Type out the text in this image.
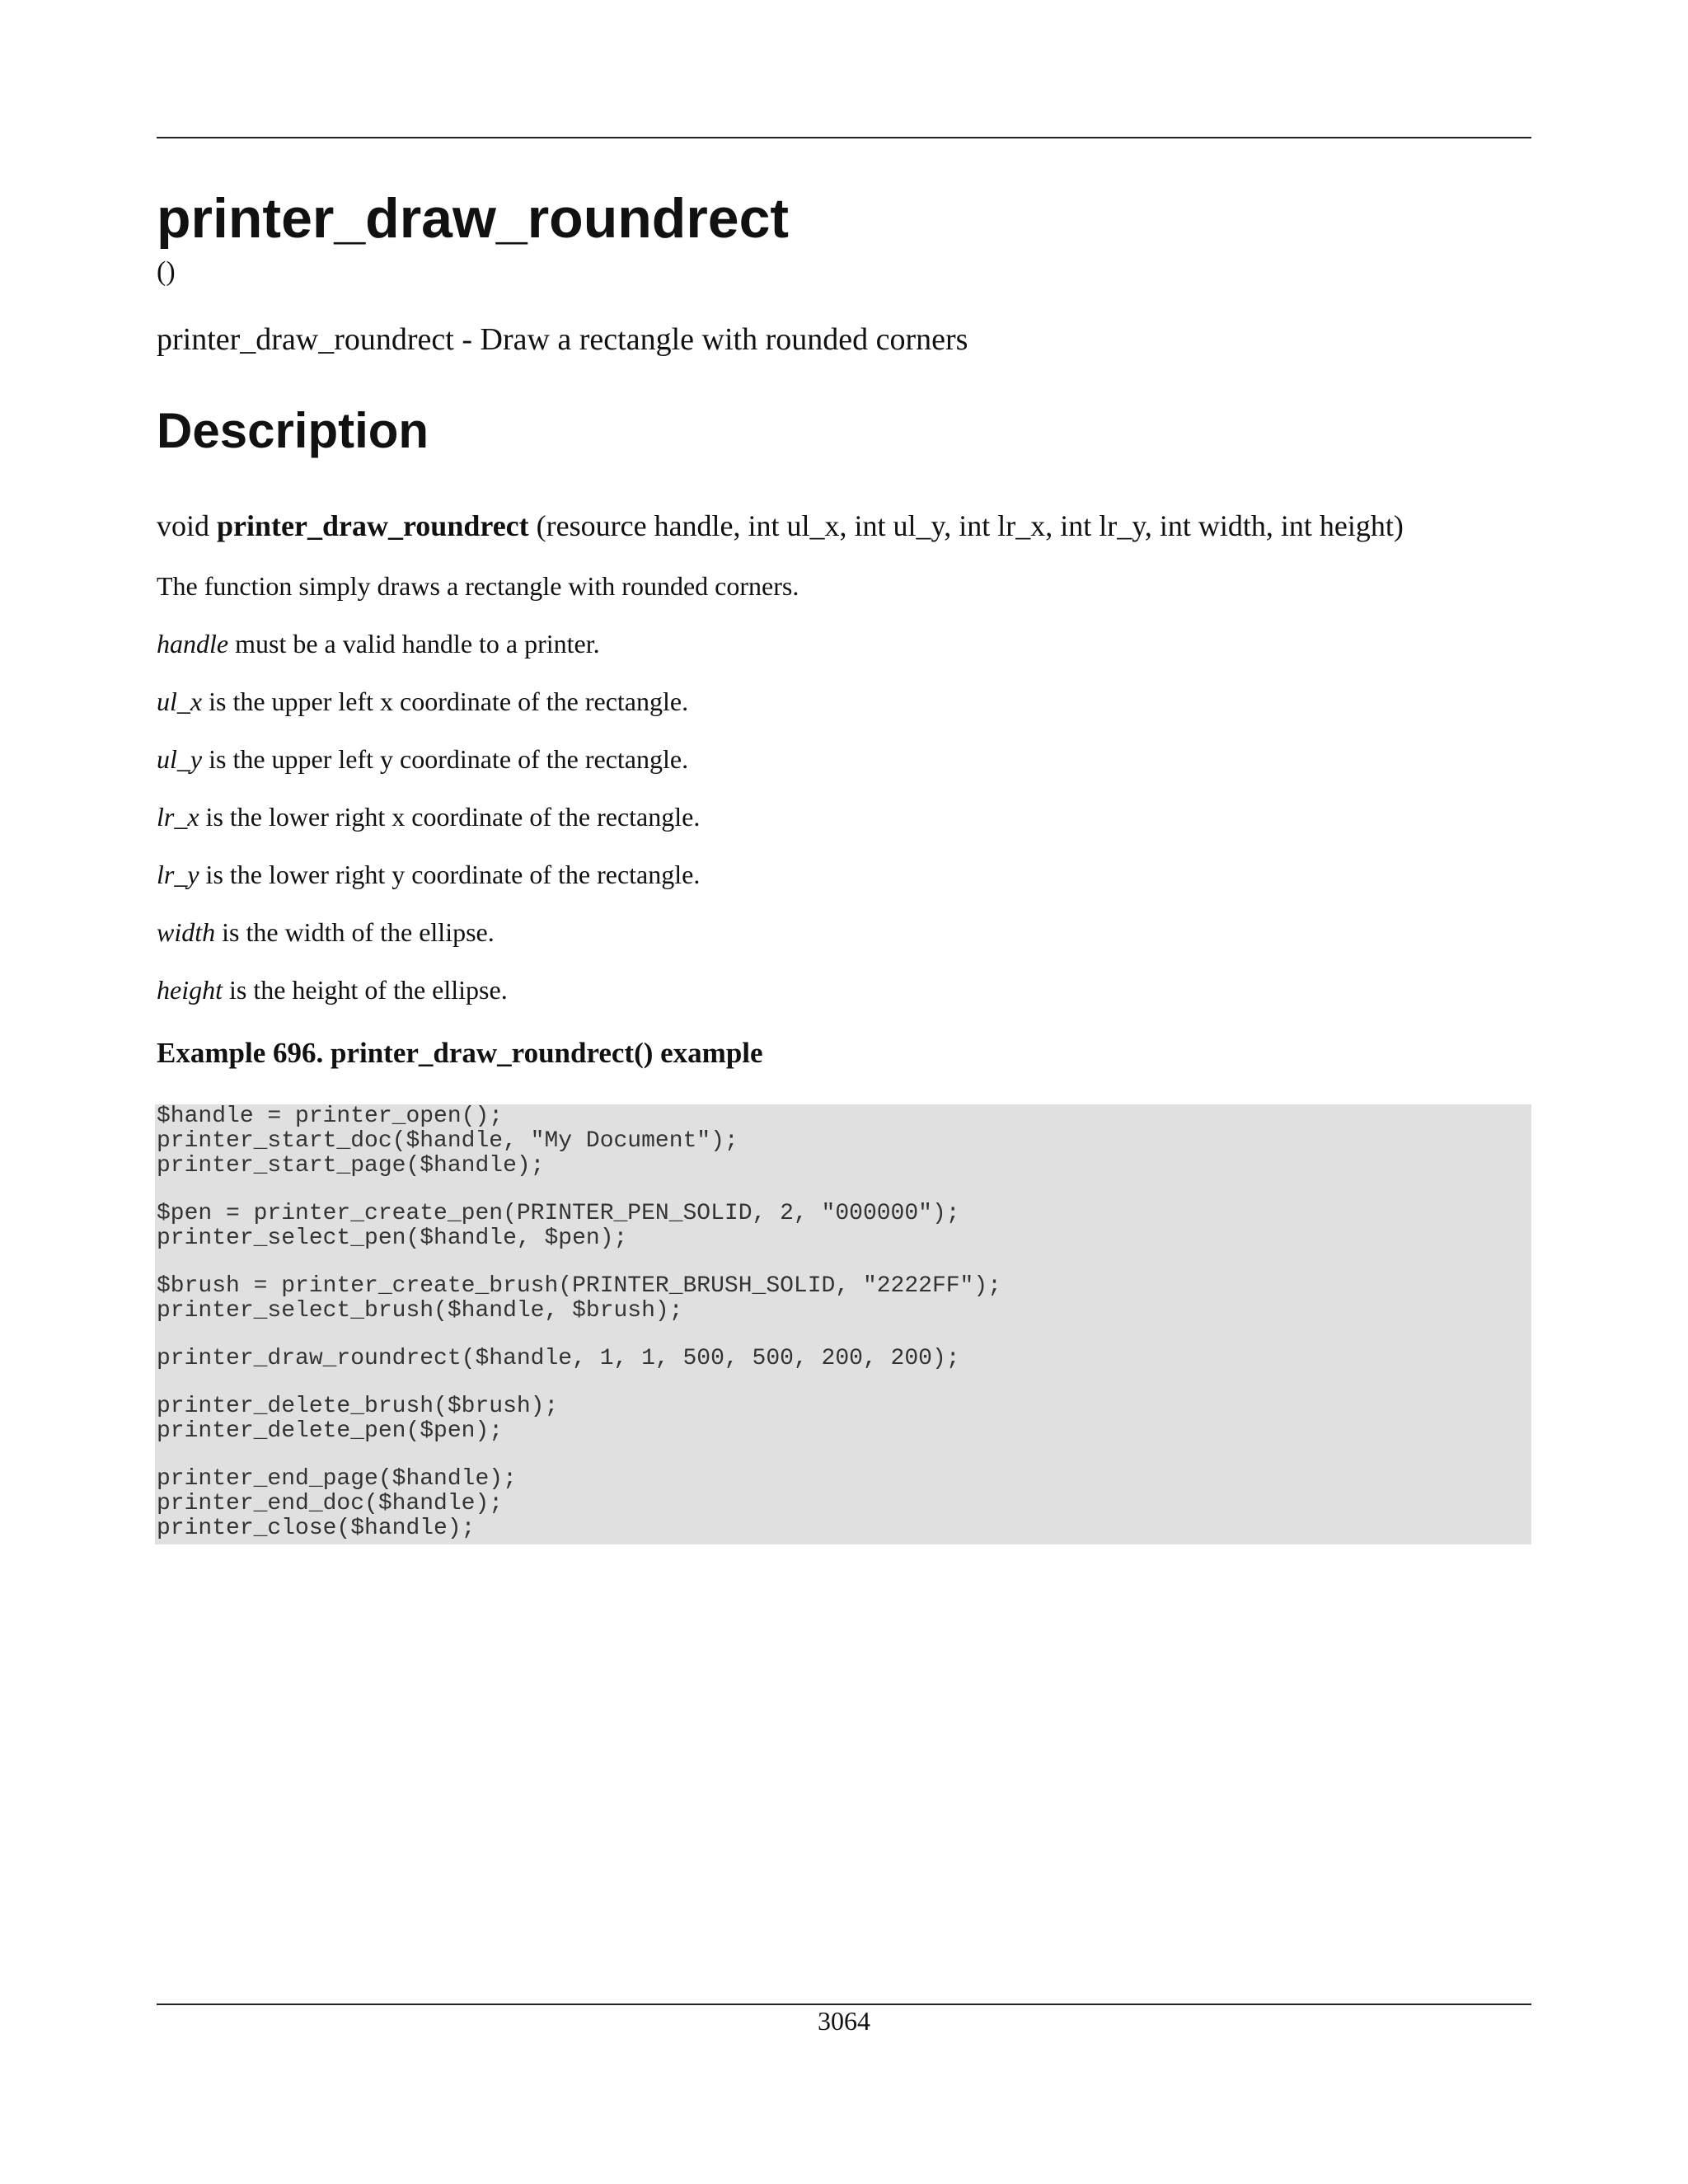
printer_draw_roundrect
()
printer_draw_roundrect - Draw a rectangle with rounded corners
Description
void printer_draw_roundrect (resource handle, int ul_x, int ul_y, int lr_x, int lr_y, int width, int height)
The function simply draws a rectangle with rounded corners.
handle must be a valid handle to a printer.
ul_x is the upper left x coordinate of the rectangle.
ul_y is the upper left y coordinate of the rectangle.
lr_x is the lower right x coordinate of the rectangle.
lr_y is the lower right y coordinate of the rectangle.
width is the width of the ellipse.
height is the height of the ellipse.
Example 696. printer_draw_roundrect() example
$handle = printer_open();
printer_start_doc($handle, "My Document");
printer_start_page($handle);
$pen = printer_create_pen(PRINTER_PEN_SOLID, 2, "000000");
printer_select_pen($handle, $pen);
$brush = printer_create_brush(PRINTER_BRUSH_SOLID, "2222FF");
printer_select_brush($handle, $brush);
printer_draw_roundrect($handle, 1, 1, 500, 500, 200, 200);
printer_delete_brush($brush);
printer_delete_pen($pen);
printer_end_page($handle);
printer_end_doc($handle);
printer_close($handle);
3064
